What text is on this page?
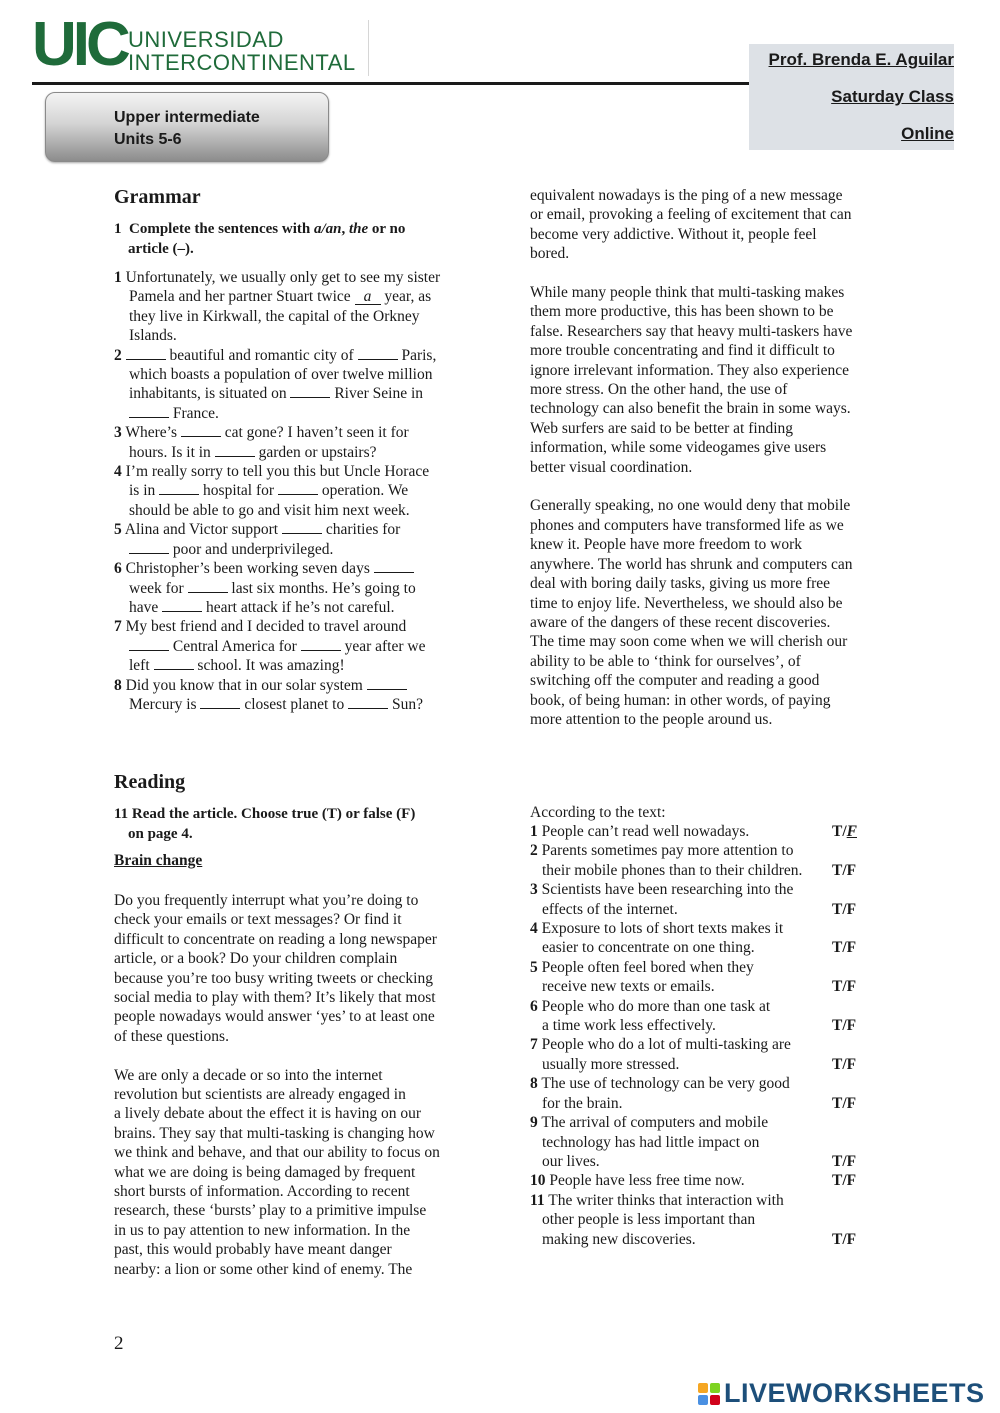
UIC UNIVERSIDAD
INTERCONTINENTAL
Upper intermediate
Units 5-6
Prof. Brenda E. Aguilar
Saturday Class
Online
Grammar
1 Complete the sentences with a/an, the or no
article (–).
1 Unfortunately, we usually only get to see my sister
Pamela and her partner Stuart twice a year, as
they live in Kirkwall, the capital of the Orkney
Islands.
2	beautiful and romantic city of	Paris,
which boasts a population of over twelve million
inhabitants, is situated on	River Seine in
France.
3 Where’s	cat gone? I haven’t seen it for
hours. Is it in	garden or upstairs?
4 I’m really sorry to tell you this but Uncle Horace
is in	hospital for	operation. We
should be able to go and visit him next week.
5 Alina and Victor support	charities for
poor and underprivileged.
6 Christopher’s been working seven days
week for	last six months. He’s going to
have	heart attack if he’s not careful.
7 My best friend and I decided to travel around
Central America for	year after we
left	school. It was amazing!
8 Did you know that in our solar system
Mercury is	closest planet to	Sun?
equivalent nowadays is the ping of a new message
or email, provoking a feeling of excitement that can
become very addictive. Without it, people feel
bored.
While many people think that multi-tasking makes
them more productive, this has been shown to be
false. Researchers say that heavy multi-taskers have
more trouble concentrating and find it difficult to
ignore irrelevant information. They also experience
more stress. On the other hand, the use of
technology can also benefit the brain in some ways.
Web surfers are said to be better at finding
information, while some videogames give users
better visual coordination.
Generally speaking, no one would deny that mobile
phones and computers have transformed life as we
knew it. People have more freedom to work
anywhere. The world has shrunk and computers can
deal with boring daily tasks, giving us more free
time to enjoy life. Nevertheless, we should also be
aware of the dangers of these recent discoveries.
The time may soon come when we will cherish our
ability to be able to ‘think for ourselves’, of
switching off the computer and reading a good
book, of being human: in other words, of paying
more attention to the people around us.
Reading
11 Read the article. Choose true (T) or false (F)
on page 4.
Brain change
Do you frequently interrupt what you’re doing to
check your emails or text messages? Or find it
difficult to concentrate on reading a long newspaper
article, or a book? Do your children complain
because you’re too busy writing tweets or checking
social media to play with them? It’s likely that most
people nowadays would answer ‘yes’ to at least one
of these questions.
We are only a decade or so into the internet
revolution but scientists are already engaged in
a lively debate about the effect it is having on our
brains. They say that multi-tasking is changing how
we think and behave, and that our ability to focus on
what we are doing is being damaged by frequent
short bursts of information. According to recent
research, these ‘bursts’ play to a primitive impulse
in us to pay attention to new information. In the
past, this would probably have meant danger
nearby: a lion or some other kind of enemy. The
According to the text:
1 People can’t read well nowadays.	T/F
2 Parents sometimes pay more attention to
their mobile phones than to their children.	T/F
3 Scientists have been researching into the
effects of the internet.	T/F
4 Exposure to lots of short texts makes it
easier to concentrate on one thing.	T/F
5 People often feel bored when they
receive new texts or emails.	T/F
6 People who do more than one task at
a time work less effectively.	T/F
7 People who do a lot of multi-tasking are
usually more stressed.	T/F
8 The use of technology can be very good
for the brain.	T/F
9 The arrival of computers and mobile
technology has had little impact on
our lives.	T/F
10 People have less free time now.	T/F
11 The writer thinks that interaction with
other people is less important than
making new discoveries.	T/F
2
LIVEWORKSHEETS
